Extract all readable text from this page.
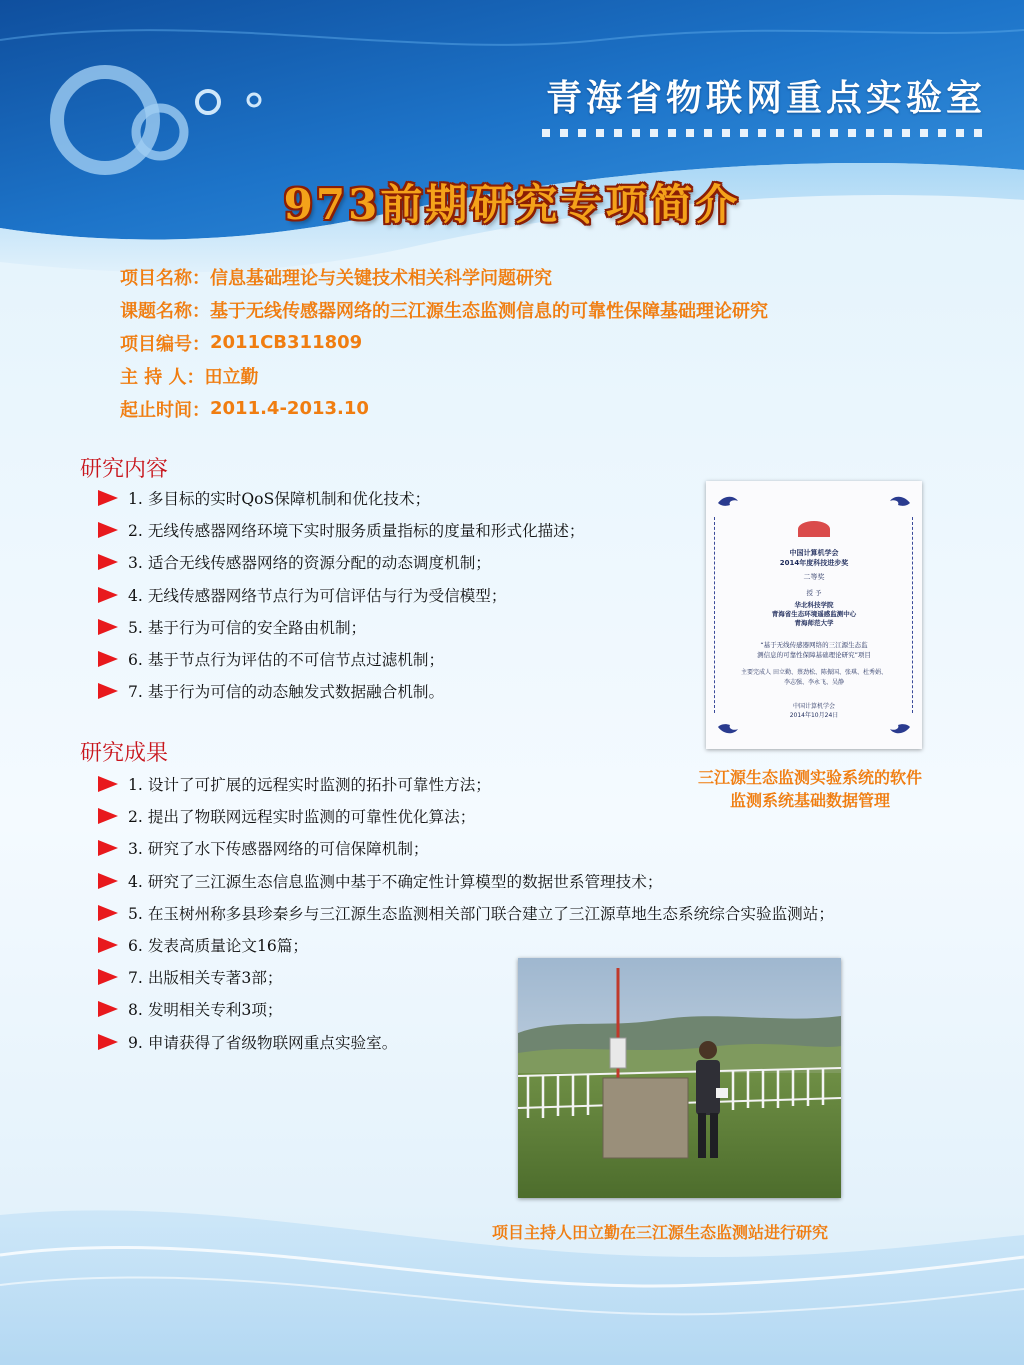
青海省物联网重点实验室
973前期研究专项简介
项目名称 ： 信息基础理论与关键技术相关科学问题研究
课题名称 ： 基于无线传感器网络的三江源生态监测信息的可靠性保障基础理论研究
项目编号 ： 2011CB311809
主 持 人 ： 田立勤
起止时间 ： 2011.4-2013.10
研究内容
1. 多目标的实时QoS保障机制和优化技术；
2. 无线传感器网络环境下实时服务质量指标的度量和形式化描述；
3. 适合无线传感器网络的资源分配的动态调度机制；
4. 无线传感器网络节点行为可信评估与行为受信模型；
5. 基于行为可信的安全路由机制；
6. 基于节点行为评估的不可信节点过滤机制；
7. 基于行为可信的动态触发式数据融合机制。
中国计算机学会
2014年度科技进步奖
二等奖
授 予
华北科技学院
青海省生态环境遥感监测中心
青海师范大学
“基于无线传感器网络的三江源生态监
测信息的可靠性保障基础理论研究”项目
主要完成人 田立勤、蔡劲松、陈振国、张琪、杜秀娟、
李志强、李永飞、吴静
中国计算机学会
2014年10月24日
三江源生态监测实验系统的软件
监测系统基础数据管理
研究成果
1. 设计了可扩展的远程实时监测的拓扑可靠性方法；
2. 提出了物联网远程实时监测的可靠性优化算法；
3. 研究了水下传感器网络的可信保障机制；
4. 研究了三江源生态信息监测中基于不确定性计算模型的数据世系管理技术；
5. 在玉树州称多县珍秦乡与三江源生态监测相关部门联合建立了三江源草地生态系统综合实验监测站；
6. 发表高质量论文16篇；
7. 出版相关专著3部；
8. 发明相关专利3项；
9. 申请获得了省级物联网重点实验室。
项目主持人田立勤在三江源生态监测站进行研究
